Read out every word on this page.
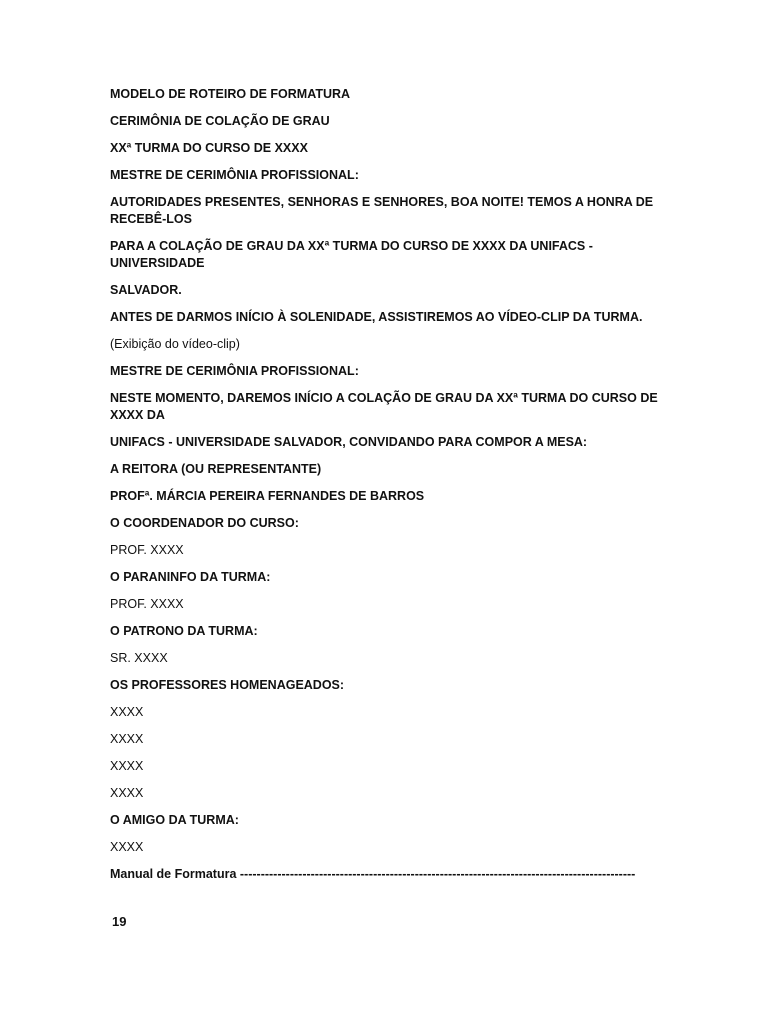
MODELO DE ROTEIRO DE FORMATURA
CERIMÔNIA DE COLAÇÃO DE GRAU
XXª TURMA DO CURSO DE XXXX
MESTRE DE CERIMÔNIA PROFISSIONAL:
AUTORIDADES PRESENTES, SENHORAS E SENHORES, BOA NOITE! TEMOS A HONRA DE RECEBÊ-LOS
PARA A COLAÇÃO DE GRAU DA XXª TURMA DO CURSO DE XXXX DA UNIFACS - UNIVERSIDADE
SALVADOR.
ANTES DE DARMOS INÍCIO À SOLENIDADE, ASSISTIREMOS AO VÍDEO-CLIP DA TURMA.
(Exibição do vídeo-clip)
MESTRE DE CERIMÔNIA PROFISSIONAL:
NESTE MOMENTO, DAREMOS INÍCIO A COLAÇÃO DE GRAU DA XXª TURMA DO CURSO DE XXXX DA
UNIFACS - UNIVERSIDADE SALVADOR, CONVIDANDO PARA COMPOR A MESA:
A REITORA (OU REPRESENTANTE)
PROFª. MÁRCIA PEREIRA FERNANDES DE BARROS
O COORDENADOR DO CURSO:
PROF. XXXX
O PARANINFO DA TURMA:
PROF. XXXX
O PATRONO DA TURMA:
SR. XXXX
OS PROFESSORES HOMENAGEADOS:
XXXX
XXXX
XXXX
XXXX
O AMIGO DA TURMA:
XXXX
Manual de Formatura -----------------------------------------------------------------------------------------------
19
